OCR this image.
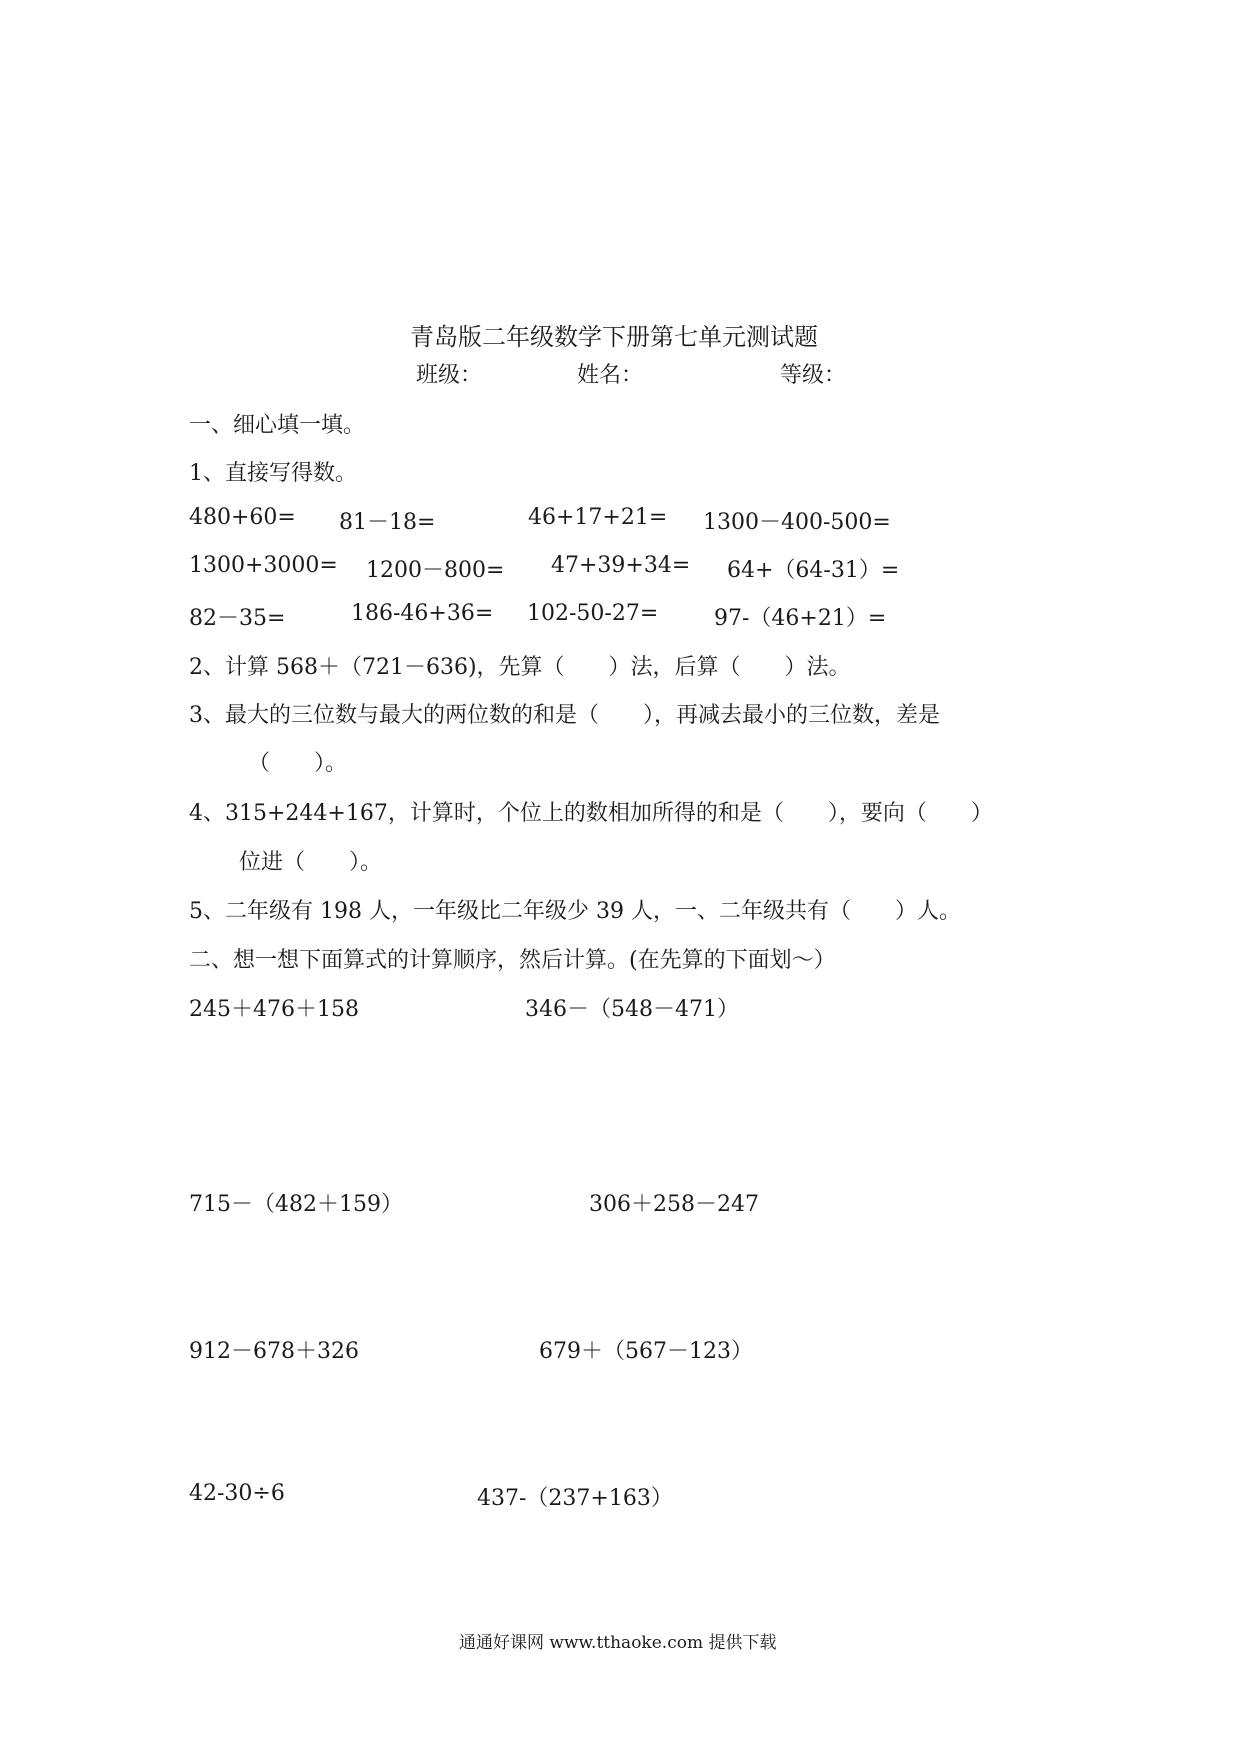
青岛版二年级数学下册第七单元测试题
班级：	姓名：	等级：
一、细心填一填。
1、直接写得数。
480+60= 81－18=	46+17+21= 1300－400-500=
1300+3000= 1200－800= 47+39+34= 64+（64-31）=
82－35=	186-46+36= 102-50-27=	97-（46+21）=
2、计算 568＋（721－636)，先算（　　）法，后算（　　）法。
3、最大的三位数与最大的两位数的和是（　　），再减去最小的三位数，差是
（　　）。
4、315+244+167，计算时，个位上的数相加所得的和是（　　），要向（　　）
位进（　　）。
5、二年级有 198 人，一年级比二年级少 39 人，一、二年级共有（　　）人。
二、想一想下面算式的计算顺序，然后计算。(在先算的下面划～）
245＋476＋158	346－（548－471）
715－（482＋159）	306＋258－247
912－678＋326	679＋（567－123）
42-30÷6	437-（237+163）
通通好课网 www.tthaoke.com 提供下载
